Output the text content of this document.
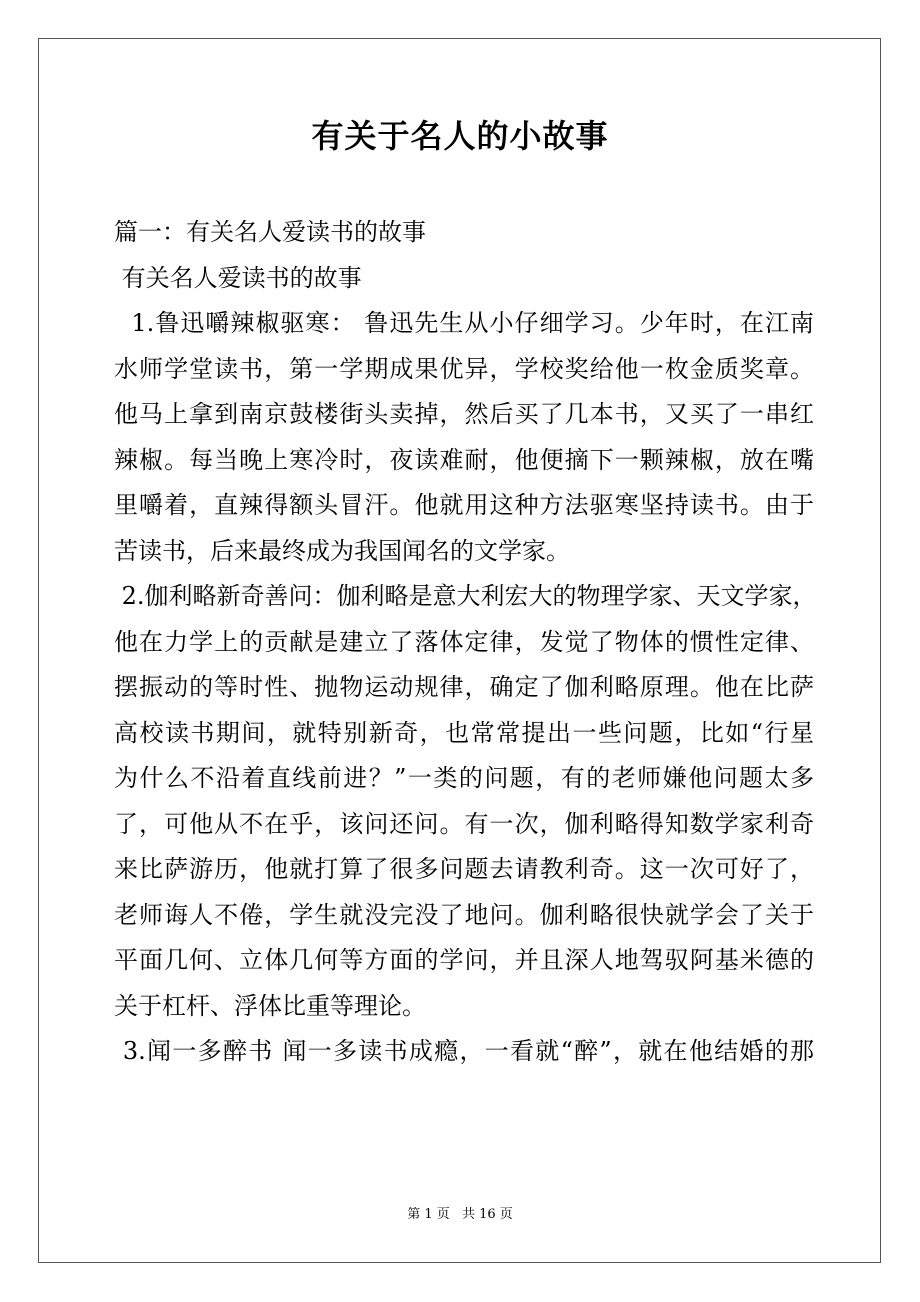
有关于名人的小故事
篇一：有关名人爱读书的故事
有关名人爱读书的故事
1.鲁迅嚼辣椒驱寒： 鲁迅先生从小仔细学习。少年时，在江南
水师学堂读书，第一学期成果优异，学校奖给他一枚金质奖章。
他马上拿到南京鼓楼街头卖掉，然后买了几本书，又买了一串红
辣椒。每当晚上寒冷时，夜读难耐，他便摘下一颗辣椒，放在嘴
里嚼着，直辣得额头冒汗。他就用这种方法驱寒坚持读书。由于
苦读书，后来最终成为我国闻名的文学家。
2.伽利略新奇善问：伽利略是意大利宏大的物理学家、天文学家，
他在力学上的贡献是建立了落体定律，发觉了物体的惯性定律、
摆振动的等时性、抛物运动规律，确定了伽利略原理。他在比萨
高校读书期间，就特别新奇，也常常提出一些问题，比如“行星
为什么不沿着直线前进？”一类的问题，有的老师嫌他问题太多
了，可他从不在乎，该问还问。有一次，伽利略得知数学家利奇
来比萨游历，他就打算了很多问题去请教利奇。这一次可好了，
老师诲人不倦，学生就没完没了地问。伽利略很快就学会了关于
平面几何、立体几何等方面的学问，并且深人地驾驭阿基米德的
关于杠杆、浮体比重等理论。
3.闻一多醉书 闻一多读书成瘾，一看就“醉”，就在他结婚的那
第 1 页 共 16 页
